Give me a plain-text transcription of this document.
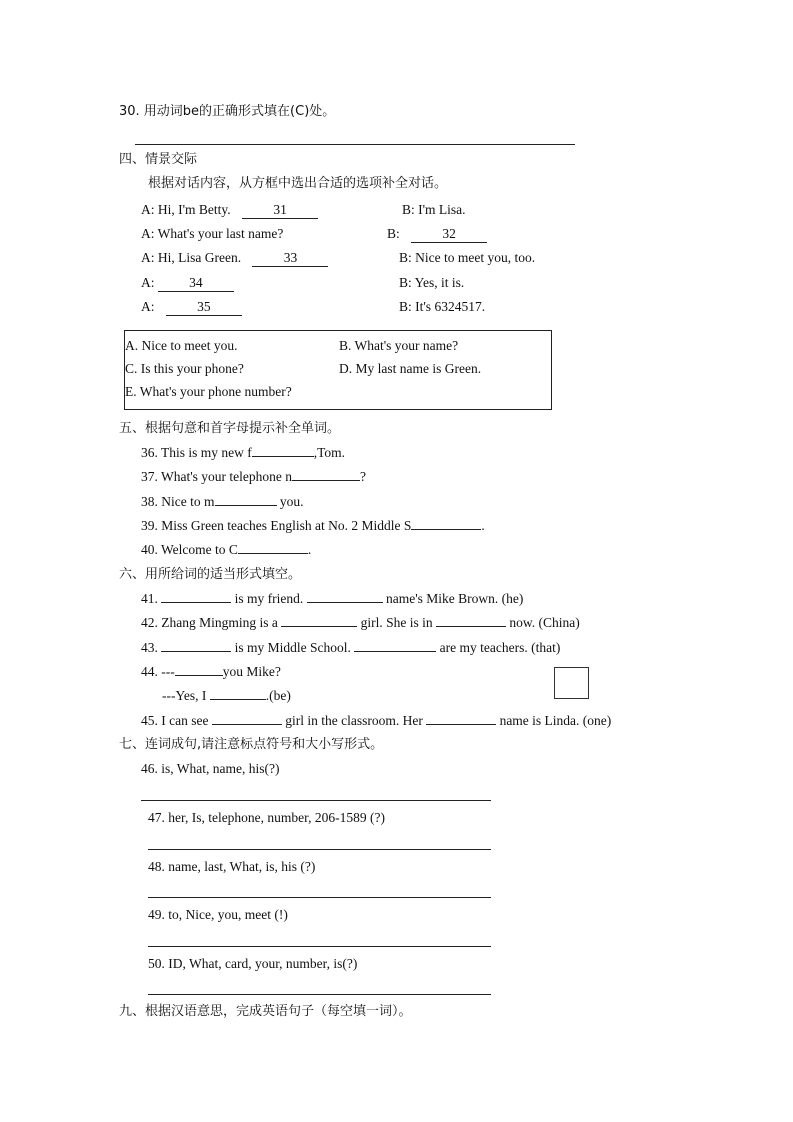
30. 用动词be的正确形式填在(C)处。
四、情景交际
根据对话内容，从方框中选出合适的选项补全对话。
A: Hi, I'm Betty.	31	B: I'm Lisa.
A: What's your last name?	B:	32
A: Hi, Lisa Green.	33	B: Nice to meet you, too.
A:	34	B: Yes, it is.
A:	35	B: It's 6324517.
A. Nice to meet you.	B. What's your name?
C. Is this your phone?	D. My last name is Green.
E. What's your phone number?
五、根据句意和首字母提示补全单词。
36. This is my new f	,Tom.
37. What's your telephone n	?
38. Nice to m	you.
39. Miss Green teaches English at No. 2 Middle S	.
40. Welcome to C	.
六、用所给词的适当形式填空。
41.	is my friend.	name's Mike Brown. (he)
42. Zhang Mingming is a	girl. She is in	now. (China)
43.	is my Middle School.	are my teachers. (that)
44. ---	you Mike?
---Yes, I	.(be)
45. I can see	girl in the classroom. Her	name is Linda. (one)
七、连词成句,请注意标点符号和大小写形式。
46. is, What, name, his(?)
47. her, Is, telephone, number, 206-1589 (?)
48. name, last, What, is, his (?)
49. to, Nice, you, meet (!)
50. ID, What, card, your, number, is(?)
九、根据汉语意思，完成英语句子（每空填一词）。
